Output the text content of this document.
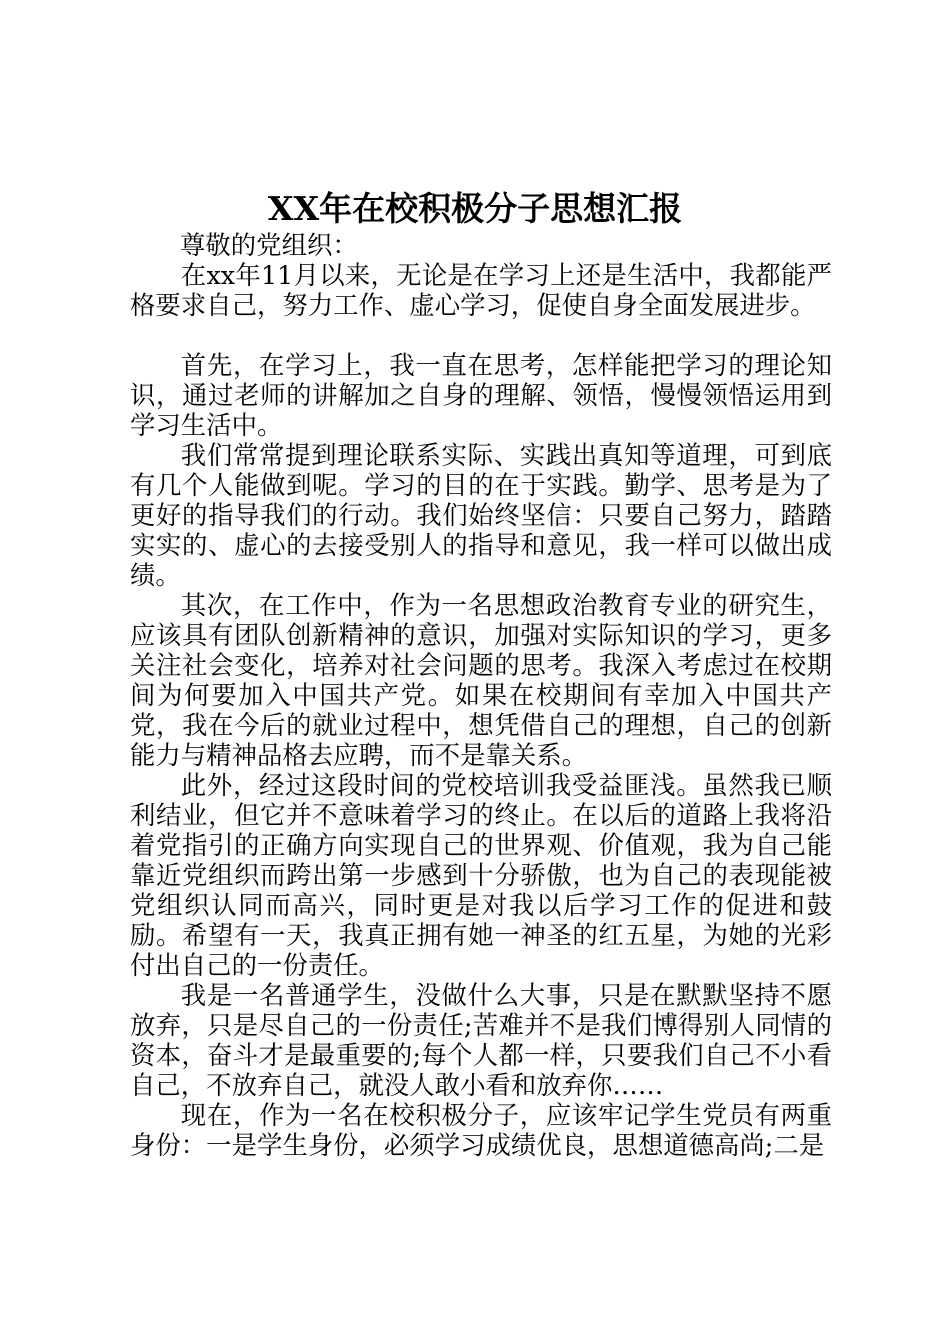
XX年在校积极分子思想汇报

尊敬的党组织：

在xx年11月以来，无论是在学习上还是生活中，我都能严格要求自己，努力工作、虚心学习，促使自身全面发展进步。

首先，在学习上，我一直在思考，怎样能把学习的理论知识，通过老师的讲解加之自身的理解、领悟，慢慢领悟运用到学习生活中。

我们常常提到理论联系实际、实践出真知等道理，可到底有几个人能做到呢。学习的目的在于实践。勤学、思考是为了更好的指导我们的行动。我们始终坚信：只要自己努力，踏踏实实的、虚心的去接受别人的指导和意见，我一样可以做出成绩。

其次，在工作中，作为一名思想政治教育专业的研究生，应该具有团队创新精神的意识，加强对实际知识的学习，更多关注社会变化，培养对社会问题的思考。我深入考虑过在校期间为何要加入中国共产党。如果在校期间有幸加入中国共产党，我在今后的就业过程中，想凭借自己的理想，自己的创新能力与精神品格去应聘，而不是靠关系。

此外，经过这段时间的党校培训我受益匪浅。虽然我已顺利结业，但它并不意味着学习的终止。在以后的道路上我将沿着党指引的正确方向实现自己的世界观、价值观，我为自己能靠近党组织而跨出第一步感到十分骄傲，也为自己的表现能被党组织认同而高兴，同时更是对我以后学习工作的促进和鼓励。希望有一天，我真正拥有她一神圣的红五星，为她的光彩付出自己的一份责任。

我是一名普通学生，没做什么大事，只是在默默坚持不愿放弃，只是尽自己的一份责任;苦难并不是我们博得别人同情的资本，奋斗才是最重要的;每个人都一样，只要我们自己不小看自己，不放弃自己，就没人敢小看和放弃你……

现在，作为一名在校积极分子，应该牢记学生党员有两重身份：一是学生身份，必须学习成绩优良，思想道德高尚;二是
